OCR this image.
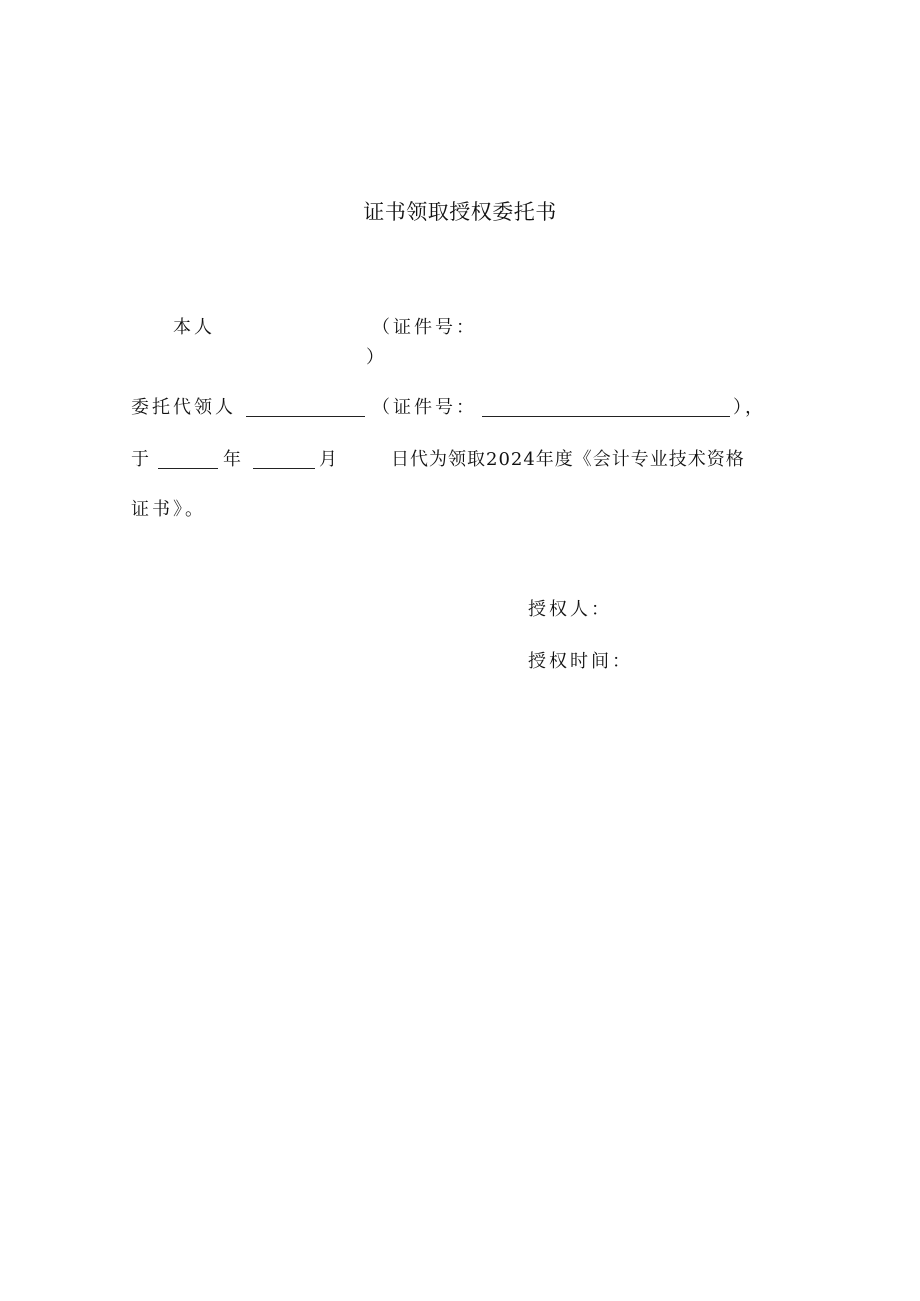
证书领取授权委托书
本人	（证件号：
）
委托代领人	（证件号：	），
于	年	月	日代为领取2024年度《会计专业技术资格
证书》。
授权人：
授权时间：
